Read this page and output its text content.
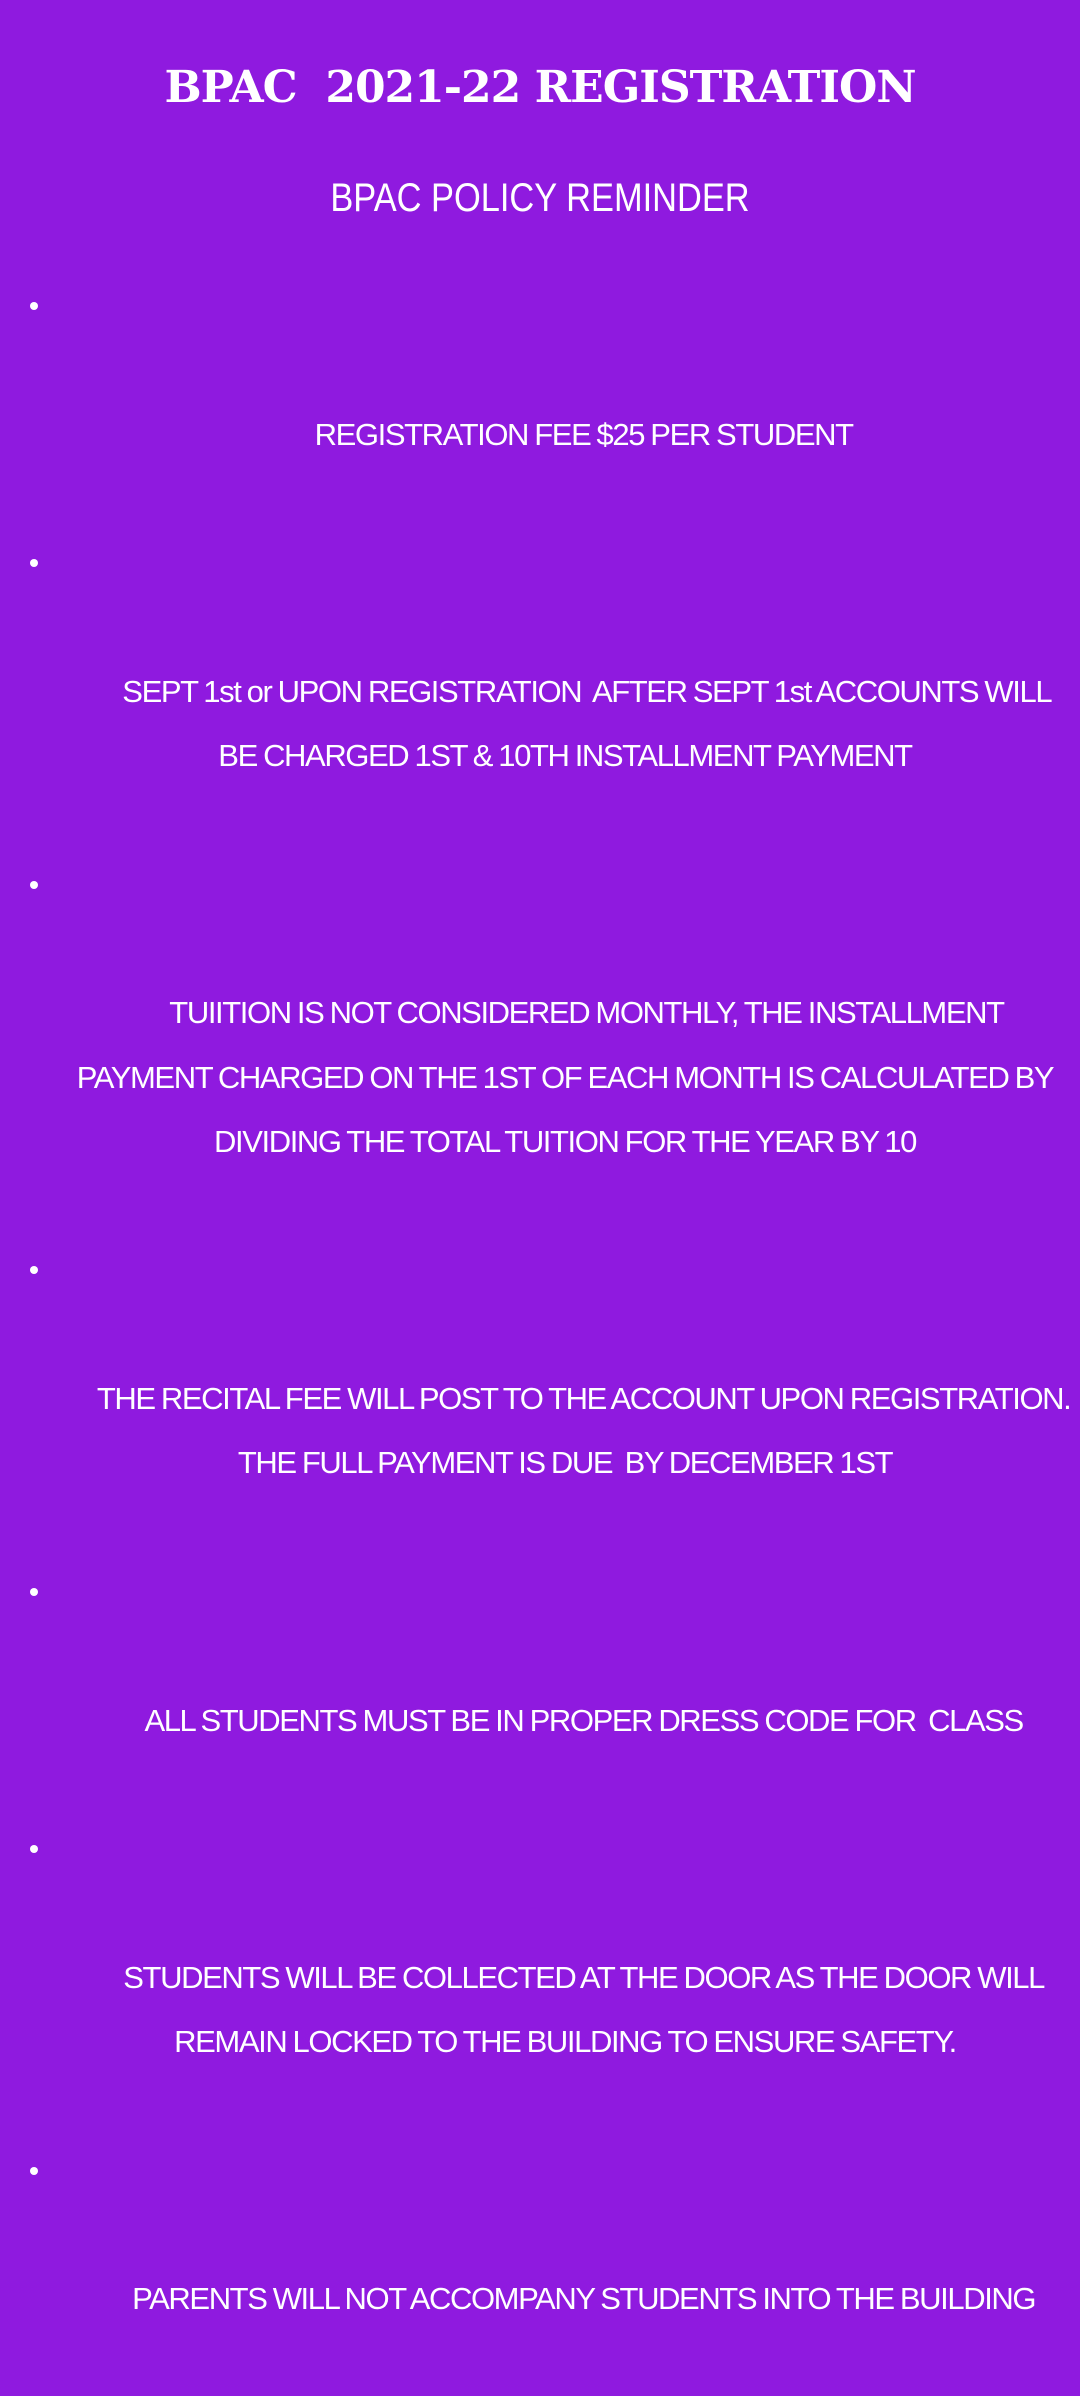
BPAC  2021-22 REGISTRATION
BPAC POLICY REMINDER

REGISTRATION FEE $25 PER STUDENT

SEPT 1st or UPON REGISTRATION  AFTER SEPT 1st ACCOUNTS WILL BE CHARGED 1ST & 10TH INSTALLMENT PAYMENT

TUIITION IS NOT CONSIDERED MONTHLY, THE INSTALLMENT PAYMENT CHARGED ON THE 1ST OF EACH MONTH IS CALCULATED BY DIVIDING THE TOTAL TUITION FOR THE YEAR BY 10

THE RECITAL FEE WILL POST TO THE ACCOUNT UPON REGISTRATION. THE FULL PAYMENT IS DUE  BY DECEMBER 1ST

ALL STUDENTS MUST BE IN PROPER DRESS CODE FOR  CLASS

STUDENTS WILL BE COLLECTED AT THE DOOR AS THE DOOR WILL REMAIN LOCKED TO THE BUILDING TO ENSURE SAFETY.

PARENTS WILL NOT ACCOMPANY STUDENTS INTO THE BUILDING
